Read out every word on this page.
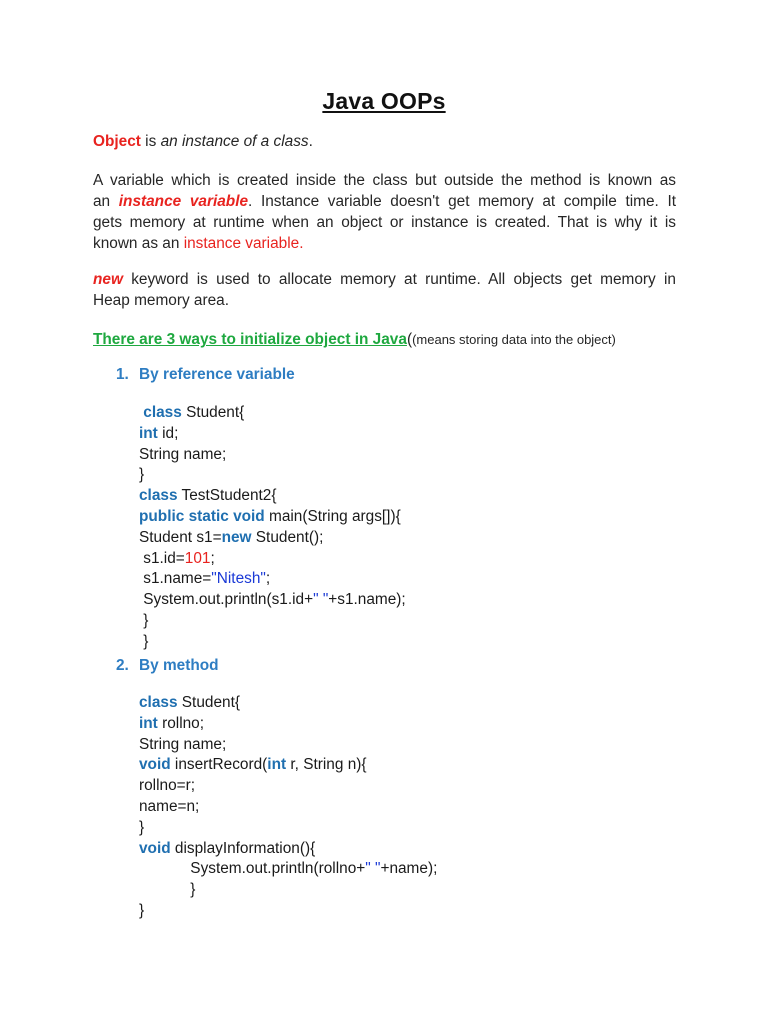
Java OOPs
Object is an instance of a class.
A variable which is created inside the class but outside the method is known as
an instance variable. Instance variable doesn't get memory at compile time. It
gets memory at runtime when an object or instance is created. That is why it is
known as an instance variable.
new keyword is used to allocate memory at runtime. All objects get memory in
Heap memory area.
There are 3 ways to initialize object in Java((means storing data into the object)
1. By reference variable
class Student{
int id;
String name;
}
class TestStudent2{
public static void main(String args[]){
Student s1=new Student();
s1.id=101;
s1.name="Nitesh";
System.out.println(s1.id+" "+s1.name);
}
}
2. By method
class Student{
int rollno;
String name;
void insertRecord(int r, String n){
rollno=r;
name=n;
}
void displayInformation(){
System.out.println(rollno+" "+name);
}
}
